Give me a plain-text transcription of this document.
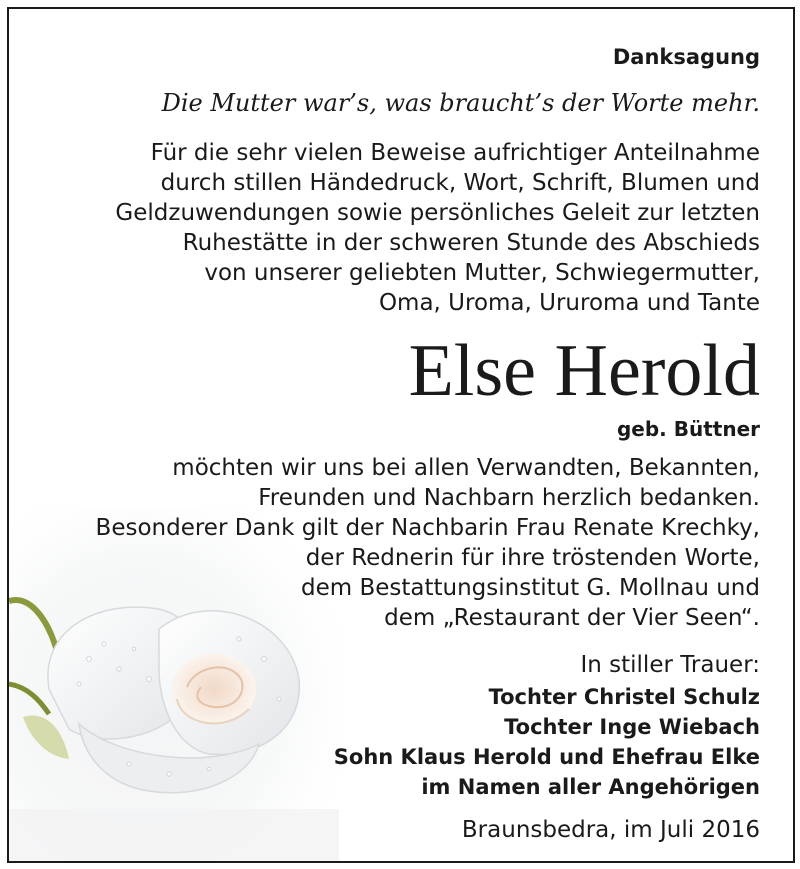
Danksagung
Die Mutter war’s, was braucht’s der Worte mehr.
Für die sehr vielen Beweise aufrichtiger Anteilnahme
durch stillen Händedruck, Wort, Schrift, Blumen und
Geldzuwendungen sowie persönliches Geleit zur letzten
Ruhestätte in der schweren Stunde des Abschieds
von unserer geliebten Mutter, Schwiegermutter,
Oma, Uroma, Ururoma und Tante
Else Herold
geb. Büttner
möchten wir uns bei allen Verwandten, Bekannten,
Freunden und Nachbarn herzlich bedanken.
Besonderer Dank gilt der Nachbarin Frau Renate Krechky,
der Rednerin für ihre tröstenden Worte,
dem Bestattungsinstitut G. Mollnau und
dem „Restaurant der Vier Seen“.
In stiller Trauer:
Tochter Christel Schulz
Tochter Inge Wiebach
Sohn Klaus Herold und Ehefrau Elke
im Namen aller Angehörigen
Braunsbedra, im Juli 2016
